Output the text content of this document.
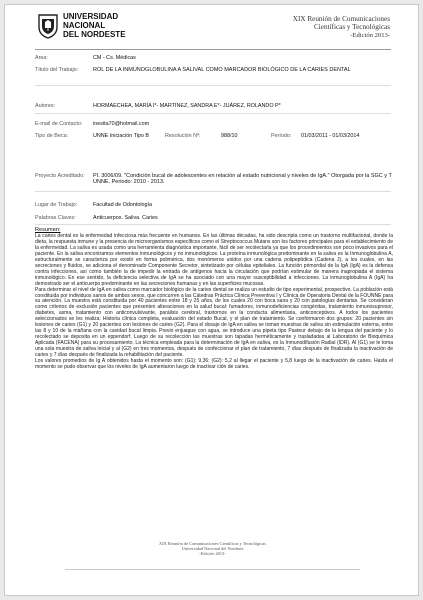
UNIVERSIDAD
NACIONAL
DEL NORDESTE
XIX Reunión de Comunicaciones
Científicas y Tecnológicas
-Edición 2013-
Area:	CM - Cs. Médicas
Título del Trabajo:	ROL DE LA INMUNOGLOBULINA A SALIVAL COMO MARCADOR BIOLÓGICO DE LA CARIES DENTAL
Autores:	HORMAECHEA, MARÍA I*- MARTÍNEZ, SANDRA E*- JUÁREZ, ROLANDO P*
E-mail de Contacto: inesita70@hotmail.com
Tipo de Beca:	UNNE Iniciación Tipo B	Resolución Nº:	988/10	Período: 01/03/2011 - 01/03/2014
Proyecto Acreditado: PI. 3006/09. "Condición bucal de adolescentes en relación al estado nutricional y niveles de IgA." Otorgada por la SGC y T UNNE. Periodo: 2010 - 2013.
Lugar de Trabajo:	Facultad de Odontología
Palabras Claves:	Anticuerpos. Saliva. Caries
Resumen:

La caries dental es la enfermedad infecciosa más frecuente en humanos. En las últimas décadas, ha sido descripta como un trastorno multifactorial, donde la dieta, la respuesta inmune y la presencia de microorganismos específicos como el Streptococcus Mutans son los factores principales para el establecimiento de la enfermedad. La saliva es usada como una herramienta diagnóstica importante, fácil de ser recolectarla ya que los procedimientos son poco invasivos para el paciente. En la saliva encontramos elementos inmunológicos y no inmunológicos. La proteína inmunológica predominante en la saliva es la Inmunoglobulina A, estructuralmente se caracteriza por existir en forma polimérica, dos monómeros unidos por una cadena polipeptídica (Cadena J), a los cuales, en las secreciones y fluidos, se adiciona el denominado Componente Secretor, sintetizado por células epiteliales. La función primordial de la IgA (IgA) es la defensa contra infecciones, así como también la de impedir la entrada de antígenos hacia la circulación que podrían estimular de manera inapropiada el sistema inmunológico. En ese sentido, la deficiencia selectiva de IgA se ha asociado con una mayor susceptibilidad a infecciones. La inmunoglobulina A (IgA) ha demostrado ser el anticuerpo predominante en las secreciones humanas y en las superficies mucosas.

Para determinar el nivel de IgA en saliva como marcador biológico de la caries dental se realiza un estudio de tipo experimental, prospectivo. La población está constituida por individuos sanos de ambos sexos, que concurren a las Cátedras Práctica Clínica Preventiva I y Clínica de Operatoria Dental de la FOUNNE para su atención. La muestra está constituida por 40 pacientes entre 18 y 25 años, de los cuales 20 con boca sana y 20 con patologías dentarias. Se consideran como criterios de exclusión pacientes que presenten alteraciones en la salud bucal: fumadores, inmunodeficiencias congénitas, tratamiento inmunosupresor, diabetes, asma, tratamiento con anticonvulsivante, parálisis cerebral, trastornos en la conducta alimentaria, anticonceptivos. A todos los pacientes seleccionados se les realiza: Historia clínica completa, evaluación del estado Bucal, y el plan de tratamiento. Se conformaron dos grupos: 20 pacientes sin lesiones de caries (G1) y 20 pacientes con lesiones de caries (G2). Para el dosaje de IgA en saliva se toman muestras de saliva sin estimulación externa, entre las 8 y 10 de la mañana con la cavidad bucal limpia. Previo enjuague con agua, se introduce una pipeta tipo Pasteur debajo de la lengua del paciente y lo recolectado se deposita en un eppendorf. Luego de su recolección las muestras son tapadas herméticamente y trasladadas al Laboratorio de Bioquímica Aplicada (FACENA) para su procesamiento. La técnica empleada para la determinación de IgA en saliva, es la Inmunodifusión Radial (IDR). Al (G1) se le toma una sola muestra de saliva inicial y al (G2) en tres momentos, después de confeccionar el plan de tratamiento, 7 días después de finalizada la inactivación de caries y 7 días después de finalizada la rehabilitación del paciente.

Los valores promedios de Ig A obtenidos hasta el momento son: (G1): 9,36; (G2): 5,2 al llegar el paciente y 5,8 luego de la inactivación de caries. Hasta el momento se pudo observar que los niveles de IgA aumentaron luego de inactivar ción de caries.

XIX Reunión de Comunicaciones Científicas y Tecnológicas
Universidad Nacional del Nordeste
-Edición 2013-
